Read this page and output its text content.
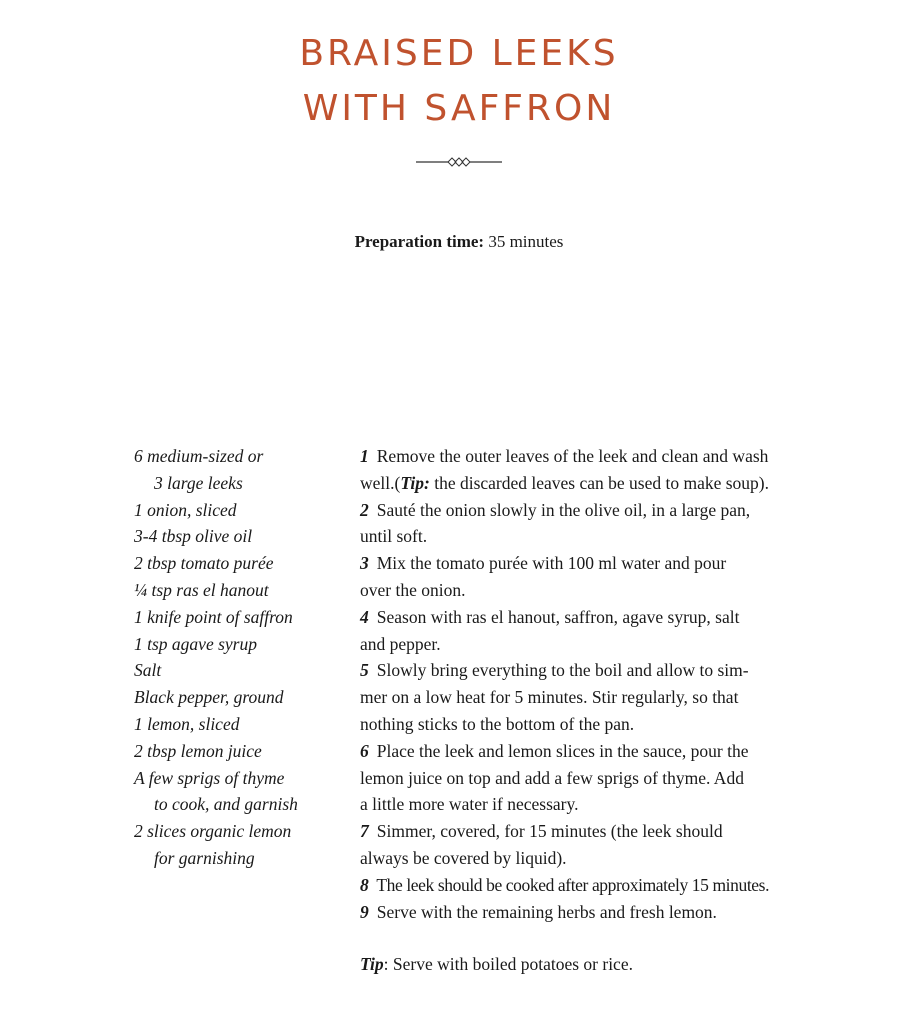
BRAISED LEEKS
WITH SAFFRON
Preparation time: 35 minutes
6 medium-sized or
3 large leeks
1 onion, sliced
3-4 tbsp olive oil
2 tbsp tomato purée
¼ tsp ras el hanout
1 knife point of saffron
1 tsp agave syrup
Salt
Black pepper, ground
1 lemon, sliced
2 tbsp lemon juice
A few sprigs of thyme
to cook, and garnish
2 slices organic lemon
for garnishing
1 Remove the outer leaves of the leek and clean and wash
well.(Tip: the discarded leaves can be used to make soup).
2 Sauté the onion slowly in the olive oil, in a large pan,
until soft.
3 Mix the tomato purée with 100 ml water and pour
over the onion.
4 Season with ras el hanout, saffron, agave syrup, salt
and pepper.
5 Slowly bring everything to the boil and allow to sim-
mer on a low heat for 5 minutes. Stir regularly, so that
nothing sticks to the bottom of the pan.
6 Place the leek and lemon slices in the sauce, pour the
lemon juice on top and add a few sprigs of thyme. Add
a little more water if necessary.
7 Simmer, covered, for 15 minutes (the leek should
always be covered by liquid).
8 The leek should be cooked after approximately 15 minutes.
9 Serve with the remaining herbs and fresh lemon.
Tip: Serve with boiled potatoes or rice.
